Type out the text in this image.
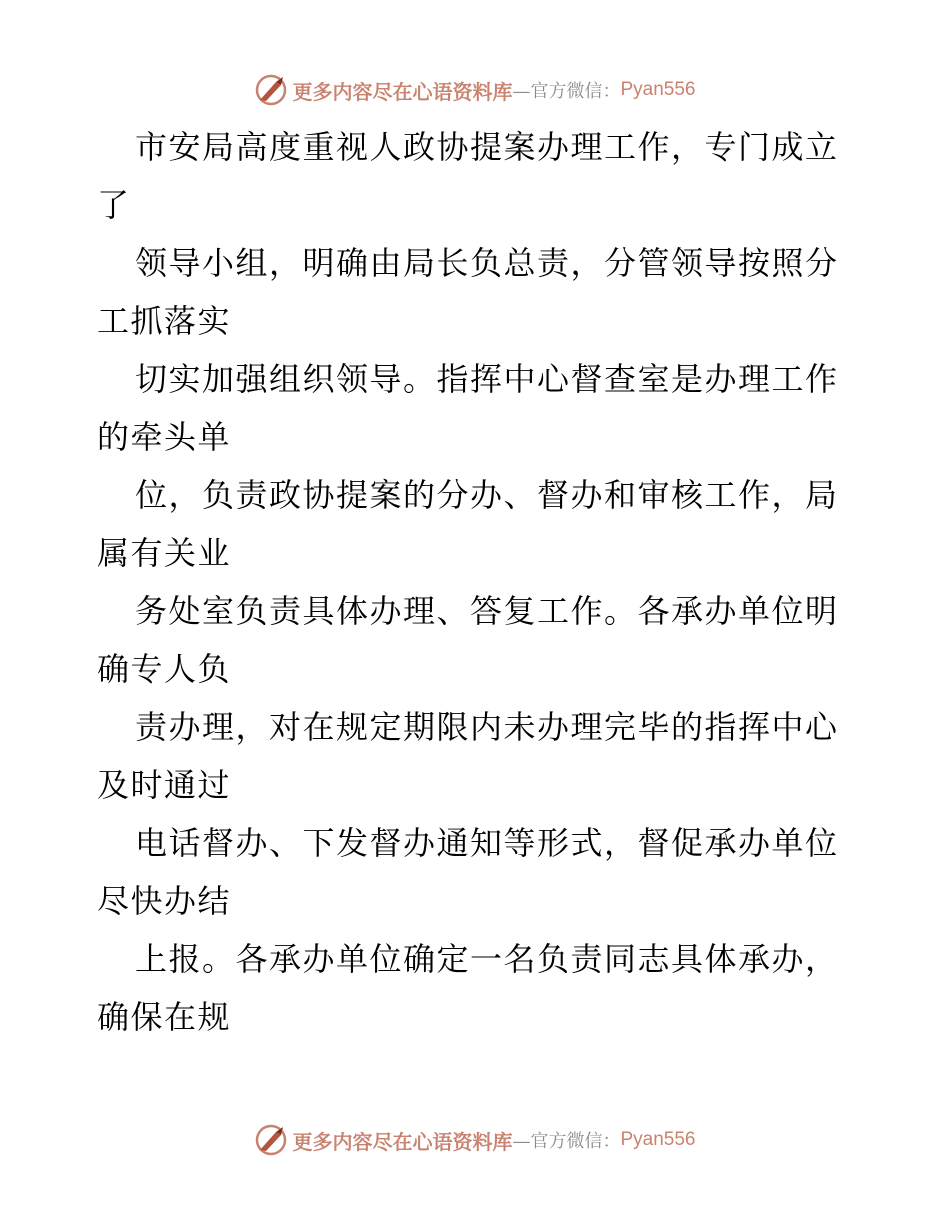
更多内容尽在心语资料库 —官方微信： Pyan556
市安局高度重视人政协提案办理工作，专门成立
了
领导小组，明确由局长负总责，分管领导按照分
工抓落实
切实加强组织领导。指挥中心督查室是办理工作
的牵头单
位，负责政协提案的分办、督办和审核工作，局
属有关业
务处室负责具体办理、答复工作。各承办单位明
确专人负
责办理，对在规定期限内未办理完毕的指挥中心
及时通过
电话督办、下发督办通知等形式，督促承办单位
尽快办结
上报。各承办单位确定一名负责同志具体承办，
确保在规
更多内容尽在心语资料库 —官方微信： Pyan556
